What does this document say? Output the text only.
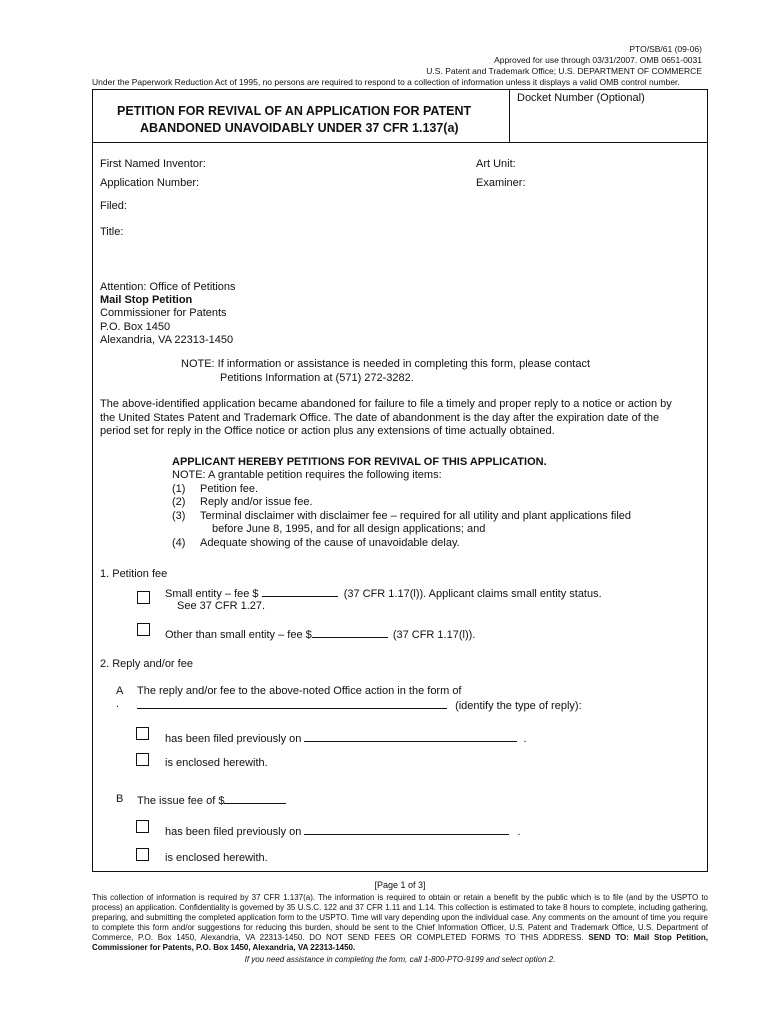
PTO/SB/61 (09-06)
Approved for use through 03/31/2007. OMB 0651-0031
U.S. Patent and Trademark Office; U.S. DEPARTMENT OF COMMERCE
Under the Paperwork Reduction Act of 1995, no persons are required to respond to a collection of information unless it displays a valid OMB control number.
PETITION FOR REVIVAL OF AN APPLICATION FOR PATENT
ABANDONED UNAVOIDABLY UNDER 37 CFR 1.137(a)
Docket Number (Optional)
First Named Inventor:	Art Unit:
Application Number:	Examiner:
Filed:
Title:
Attention: Office of Petitions
Mail Stop Petition
Commissioner for Patents
P.O. Box 1450
Alexandria, VA 22313-1450
NOTE: If information or assistance is needed in completing this form, please contact
Petitions Information at (571) 272-3282.
The above-identified application became abandoned for failure to file a timely and proper reply to a notice or action by
the United States Patent and Trademark Office. The date of abandonment is the day after the expiration date of the
period set for reply in the Office notice or action plus any extensions of time actually obtained.
APPLICANT HEREBY PETITIONS FOR REVIVAL OF THIS APPLICATION.
NOTE: A grantable petition requires the following items:
(1) Petition fee.
(2) Reply and/or issue fee.
(3) Terminal disclaimer with disclaimer fee – required for all utility and plant applications filed
before June 8, 1995, and for all design applications; and
(4) Adequate showing of the cause of unavoidable delay.
1. Petition fee
Small entity – fee $	(37 CFR 1.17(l)). Applicant claims small entity status.
See 37 CFR 1.27.
Other than small entity – fee $	(37 CFR 1.17(l)).
2. Reply and/or fee
A The reply and/or fee to the above-noted Office action in the form of
.	(identify the type of reply):
has been filed previously on	.
is enclosed herewith.
B The issue fee of $
has been filed previously on	.
is enclosed herewith.
[Page 1 of 3]
This collection of information is required by 37 CFR 1.137(a). The information is required to obtain or retain a benefit by the public which is to file (and by the USPTO to process) an application. Confidentiality is governed by 35 U.S.C. 122 and 37 CFR 1.11 and 1.14. This collection is estimated to take 8 hours to complete, including gathering, preparing, and submitting the completed application form to the USPTO. Time will vary depending upon the individual case. Any comments on the amount of time you require to complete this form and/or suggestions for reducing this burden, should be sent to the Chief Information Officer, U.S. Patent and Trademark Office, U.S. Department of Commerce, P.O. Box 1450, Alexandria, VA 22313-1450. DO NOT SEND FEES OR COMPLETED FORMS TO THIS ADDRESS. SEND TO: Mail Stop Petition, Commissioner for Patents, P.O. Box 1450, Alexandria, VA 22313-1450.
If you need assistance in completing the form, call 1-800-PTO-9199 and select option 2.
